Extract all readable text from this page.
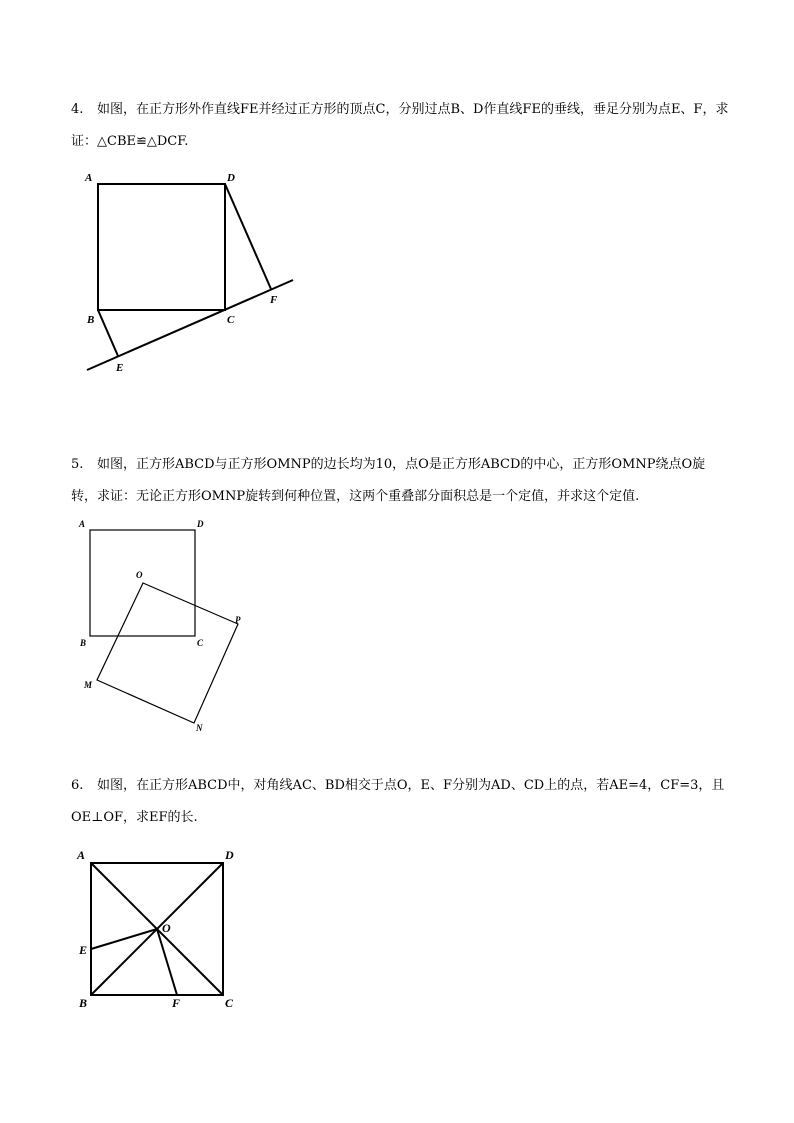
4. 如图，在正方形外作直线FE并经过正方形的顶点C，分别过点B、D作直线FE的垂线，垂足分别为点E、F，求证：△CBE≌△DCF.

A	D
B	C
E
F

5. 如图，正方形ABCD与正方形OMNP的边长均为10，点O是正方形ABCD的中心，正方形OMNP绕点O旋转，求证：无论正方形OMNP旋转到何种位置，这两个重叠部分面积总是一个定值，并求这个定值.

A	D
B	C
O
P
M
N

6. 如图，在正方形ABCD中，对角线AC、BD相交于点O，E、F分别为AD、CD上的点，若AE=4，CF=3，且OE⊥OF，求EF的长.

A	D
B	C
O
E
F
